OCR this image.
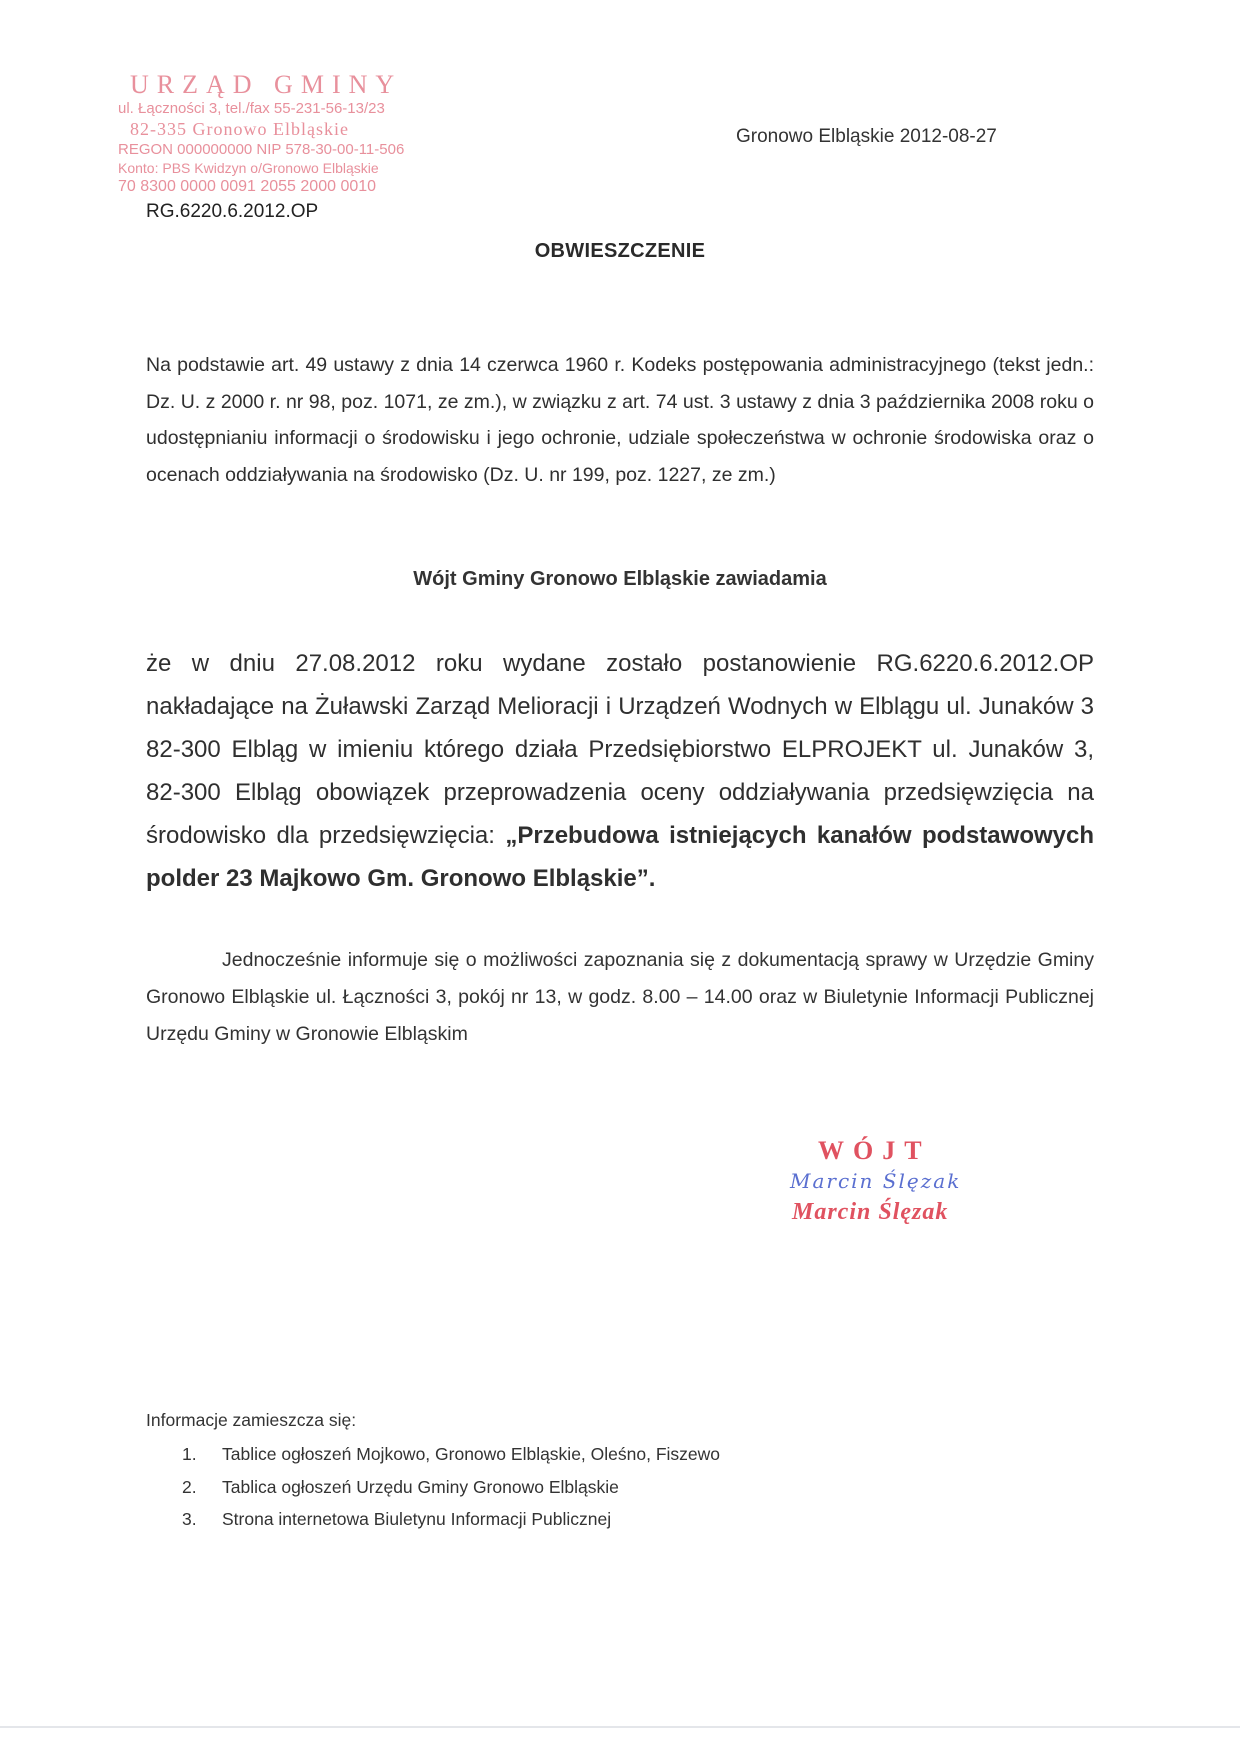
URZĄD GMINY
ul. Łączności 3, tel./fax 55-231-56-13/23
82-335 Gronowo Elbląskie
REGON 000000000 NIP 578-30-00-11-506
Konto: PBS Kwidzyn o/Gronowo Elbląskie
70 8300 0000 0091 2055 2000 0010
RG.6220.6.2012.OP
Gronowo Elbląskie 2012-08-27
OBWIESZCZENIE
Na podstawie art. 49 ustawy z dnia 14 czerwca 1960 r. Kodeks postępowania administracyjnego (tekst jedn.: Dz. U. z 2000 r. nr 98, poz. 1071, ze zm.), w związku z art. 74 ust. 3 ustawy z dnia 3 października 2008 roku o udostępnianiu informacji o środowisku i jego ochronie, udziale społeczeństwa w ochronie środowiska oraz o ocenach oddziaływania na środowisko (Dz. U. nr 199, poz. 1227, ze zm.)
Wójt Gminy Gronowo Elbląskie zawiadamia
że w dniu 27.08.2012 roku wydane zostało postanowienie RG.6220.6.2012.OP nakładające na Żuławski Zarząd Melioracji i Urządzeń Wodnych w Elblągu ul. Junaków 3 82-300 Elbląg w imieniu którego działa Przedsiębiorstwo ELPROJEKT ul. Junaków 3, 82-300 Elbląg obowiązek przeprowadzenia oceny oddziaływania przedsięwzięcia na środowisko dla przedsięwzięcia: „Przebudowa istniejących kanałów podstawowych polder 23 Majkowo Gm. Gronowo Elbląskie”.
Jednocześnie informuje się o możliwości zapoznania się z dokumentacją sprawy w Urzędzie Gminy Gronowo Elbląskie ul. Łączności 3, pokój nr 13, w godz. 8.00 – 14.00 oraz w Biuletynie Informacji Publicznej Urzędu Gminy w Gronowie Elbląskim
WÓJT
Marcin Ślęzak
Marcin Ślęzak
Informacje zamieszcza się:
1. Tablice ogłoszeń Mojkowo, Gronowo Elbląskie, Oleśno, Fiszewo
2. Tablica ogłoszeń Urzędu Gminy Gronowo Elbląskie
3. Strona internetowa Biuletynu Informacji Publicznej
